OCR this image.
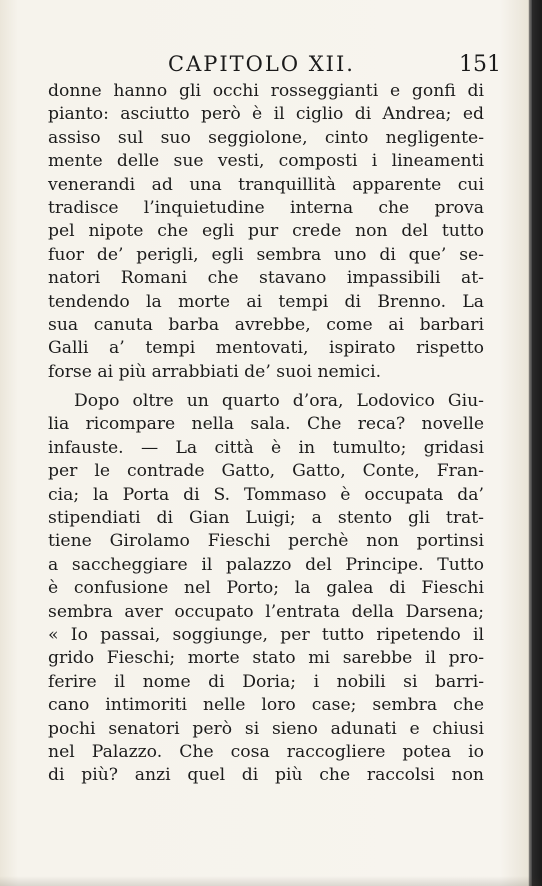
CAPITOLO XII.	151
donne hanno gli occhi rosseggianti e gonfi di
pianto: asciutto però è il ciglio di Andrea; ed
assiso sul suo seggiolone, cinto negligente-
mente delle sue vesti, composti i lineamenti
venerandi ad una tranquillità apparente cui
tradisce l’inquietudine interna che prova
pel nipote che egli pur crede non del tutto
fuor de’ perigli, egli sembra uno di que’ se-
natori Romani che stavano impassibili at-
tendendo la morte ai tempi di Brenno. La
sua canuta barba avrebbe, come ai barbari
Galli a’ tempi mentovati, ispirato rispetto
forse ai più arrabbiati de’ suoi nemici.
Dopo oltre un quarto d’ora, Lodovico Giu-
lia ricompare nella sala. Che reca? novelle
infauste. — La città è in tumulto; gridasi
per le contrade Gatto, Gatto, Conte, Fran-
cia; la Porta di S. Tommaso è occupata da’
stipendiati di Gian Luigi; a stento gli trat-
tiene Girolamo Fieschi perchè non portinsi
a saccheggiare il palazzo del Principe. Tutto
è confusione nel Porto; la galea di Fieschi
sembra aver occupato l’entrata della Darsena;
« Io passai, soggiunge, per tutto ripetendo il
grido Fieschi; morte stato mi sarebbe il pro-
ferire il nome di Doria; i nobili si barri-
cano intimoriti nelle loro case; sembra che
pochi senatori però si sieno adunati e chiusi
nel Palazzo. Che cosa raccogliere potea io
di più? anzi quel di più che raccolsi non
